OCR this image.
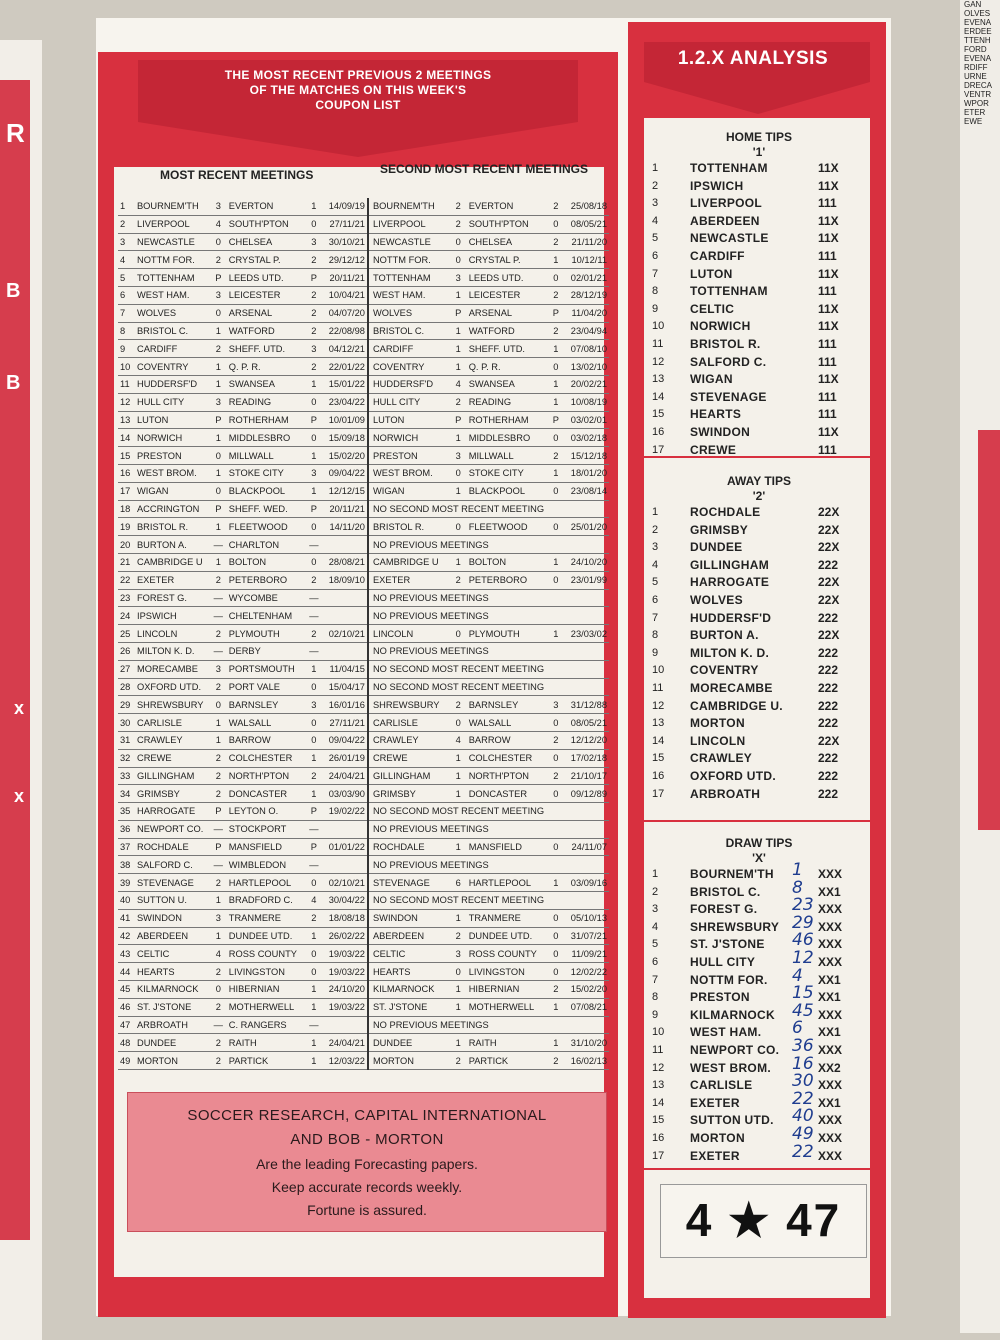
R
B
B
x
x
GAN
OLVES
EVENA
ERDEE
TTENH
FORD
EVENA
RDIFF
URNE
DRECA
VENTR
WPOR
ETER
EWE
THE MOST RECENT PREVIOUS 2 MEETINGS
OF THE MATCHES ON THIS WEEK'S
COUPON LIST
MOST RECENT MEETINGS	SECOND MOST RECENT MEETINGS
1	BOURNEM'TH	3	EVERTON	1	14/09/19	BOURNEM'TH	2	EVERTON	2	25/08/18
2	LIVERPOOL	4	SOUTH'PTON	0	27/11/21	LIVERPOOL	2	SOUTH'PTON	0	08/05/21
3	NEWCASTLE	0	CHELSEA	3	30/10/21	NEWCASTLE	0	CHELSEA	2	21/11/20
4	NOTTM FOR.	2	CRYSTAL P.	2	29/12/12	NOTTM FOR.	0	CRYSTAL P.	1	10/12/11
5	TOTTENHAM	P	LEEDS UTD.	P	20/11/21	TOTTENHAM	3	LEEDS UTD.	0	02/01/21
6	WEST HAM.	3	LEICESTER	2	10/04/21	WEST HAM.	1	LEICESTER	2	28/12/19
7	WOLVES	0	ARSENAL	2	04/07/20	WOLVES	P	ARSENAL	P	11/04/20
8	BRISTOL C.	1	WATFORD	2	22/08/98	BRISTOL C.	1	WATFORD	2	23/04/94
9	CARDIFF	2	SHEFF. UTD.	3	04/12/21	CARDIFF	1	SHEFF. UTD.	1	07/08/10
10	COVENTRY	1	Q. P. R.	2	22/01/22	COVENTRY	1	Q. P. R.	0	13/02/10
11	HUDDERSF'D	1	SWANSEA	1	15/01/22	HUDDERSF'D	4	SWANSEA	1	20/02/21
12	HULL CITY	3	READING	0	23/04/22	HULL CITY	2	READING	1	10/08/19
13	LUTON	P	ROTHERHAM	P	10/01/09	LUTON	P	ROTHERHAM	P	03/02/01
14	NORWICH	1	MIDDLESBRO	0	15/09/18	NORWICH	1	MIDDLESBRO	0	03/02/18
15	PRESTON	0	MILLWALL	1	15/02/20	PRESTON	3	MILLWALL	2	15/12/18
16	WEST BROM.	1	STOKE CITY	3	09/04/22	WEST BROM.	0	STOKE CITY	1	18/01/20
17	WIGAN	0	BLACKPOOL	1	12/12/15	WIGAN	1	BLACKPOOL	0	23/08/14
18	ACCRINGTON	P	SHEFF. WED.	P	20/11/21	NO SECOND MOST RECENT MEETING				
19	BRISTOL R.	1	FLEETWOOD	0	14/11/20	BRISTOL R.	0	FLEETWOOD	0	25/01/20
20	BURTON A.	—	CHARLTON	—		NO PREVIOUS MEETINGS				
21	CAMBRIDGE U	1	BOLTON	0	28/08/21	CAMBRIDGE U	1	BOLTON	1	24/10/20
22	EXETER	2	PETERBORO	2	18/09/10	EXETER	2	PETERBORO	0	23/01/99
23	FOREST G.	—	WYCOMBE	—		NO PREVIOUS MEETINGS				
24	IPSWICH	—	CHELTENHAM	—		NO PREVIOUS MEETINGS				
25	LINCOLN	2	PLYMOUTH	2	02/10/21	LINCOLN	0	PLYMOUTH	1	23/03/02
26	MILTON K. D.	—	DERBY	—		NO PREVIOUS MEETINGS				
27	MORECAMBE	3	PORTSMOUTH	1	11/04/15	NO SECOND MOST RECENT MEETING				
28	OXFORD UTD.	2	PORT VALE	0	15/04/17	NO SECOND MOST RECENT MEETING				
29	SHREWSBURY	0	BARNSLEY	3	16/01/16	SHREWSBURY	2	BARNSLEY	3	31/12/88
30	CARLISLE	1	WALSALL	0	27/11/21	CARLISLE	0	WALSALL	0	08/05/21
31	CRAWLEY	1	BARROW	0	09/04/22	CRAWLEY	4	BARROW	2	12/12/20
32	CREWE	2	COLCHESTER	1	26/01/19	CREWE	1	COLCHESTER	0	17/02/18
33	GILLINGHAM	2	NORTH'PTON	2	24/04/21	GILLINGHAM	1	NORTH'PTON	2	21/10/17
34	GRIMSBY	2	DONCASTER	1	03/03/90	GRIMSBY	1	DONCASTER	0	09/12/89
35	HARROGATE	P	LEYTON O.	P	19/02/22	NO SECOND MOST RECENT MEETING				
36	NEWPORT CO.	—	STOCKPORT	—		NO PREVIOUS MEETINGS				
37	ROCHDALE	P	MANSFIELD	P	01/01/22	ROCHDALE	1	MANSFIELD	0	24/11/07
38	SALFORD C.	—	WIMBLEDON	—		NO PREVIOUS MEETINGS				
39	STEVENAGE	2	HARTLEPOOL	0	02/10/21	STEVENAGE	6	HARTLEPOOL	1	03/09/16
40	SUTTON U.	1	BRADFORD C.	4	30/04/22	NO SECOND MOST RECENT MEETING				
41	SWINDON	3	TRANMERE	2	18/08/18	SWINDON	1	TRANMERE	0	05/10/13
42	ABERDEEN	1	DUNDEE UTD.	1	26/02/22	ABERDEEN	2	DUNDEE UTD.	0	31/07/21
43	CELTIC	4	ROSS COUNTY	0	19/03/22	CELTIC	3	ROSS COUNTY	0	11/09/21
44	HEARTS	2	LIVINGSTON	0	19/03/22	HEARTS	0	LIVINGSTON	0	12/02/22
45	KILMARNOCK	0	HIBERNIAN	1	24/10/20	KILMARNOCK	1	HIBERNIAN	2	15/02/20
46	ST. J'STONE	2	MOTHERWELL	1	19/03/22	ST. J'STONE	1	MOTHERWELL	1	07/08/21
47	ARBROATH	—	C. RANGERS	—		NO PREVIOUS MEETINGS				
48	DUNDEE	2	RAITH	1	24/04/21	DUNDEE	1	RAITH	1	31/10/20
49	MORTON	2	PARTICK	1	12/03/22	MORTON	2	PARTICK	2	16/02/13
SOCCER RESEARCH, CAPITAL INTERNATIONAL
AND BOB - MORTON
Are the leading Forecasting papers.
Keep accurate records weekly.
Fortune is assured.
1.2.X ANALYSIS
HOME TIPS
'1'
1	TOTTENHAM	11X
2	IPSWICH	11X
3	LIVERPOOL	111
4	ABERDEEN	11X
5	NEWCASTLE	11X
6	CARDIFF	111
7	LUTON	11X
8	TOTTENHAM	111
9	CELTIC	11X
10	NORWICH	11X
11	BRISTOL R.	111
12	SALFORD C.	111
13	WIGAN	11X
14	STEVENAGE	111
15	HEARTS	111
16	SWINDON	11X
17	CREWE	111
AWAY TIPS
'2'
1	ROCHDALE	22X
2	GRIMSBY	22X
3	DUNDEE	22X
4	GILLINGHAM	222
5	HARROGATE	22X
6	WOLVES	22X
7	HUDDERSF'D	222
8	BURTON A.	22X
9	MILTON K. D.	222
10	COVENTRY	222
11	MORECAMBE	222
12	CAMBRIDGE U.	222
13	MORTON	222
14	LINCOLN	22X
15	CRAWLEY	222
16	OXFORD UTD.	222
17	ARBROATH	222
DRAW TIPS
'X'
1	BOURNEM'TH 1 XXX
2	BRISTOL C. 8 XX1
3	FOREST G. 23 XXX
4	SHREWSBURY 29 XXX
5	ST. J'STONE 46 XXX
6	HULL CITY 12 XXX
7	NOTTM FOR. 4 XX1
8	PRESTON 15 XX1
9	KILMARNOCK 45 XXX
10	WEST HAM. 6 XX1
11	NEWPORT CO. 36 XXX
12	WEST BROM. 16 XX2
13	CARLISLE 30 XXX
14	EXETER	22 XX1
15	SUTTON UTD. 40 XXX
16	MORTON	49 XXX
17	EXETER	22 XXX
4 ★ 47
